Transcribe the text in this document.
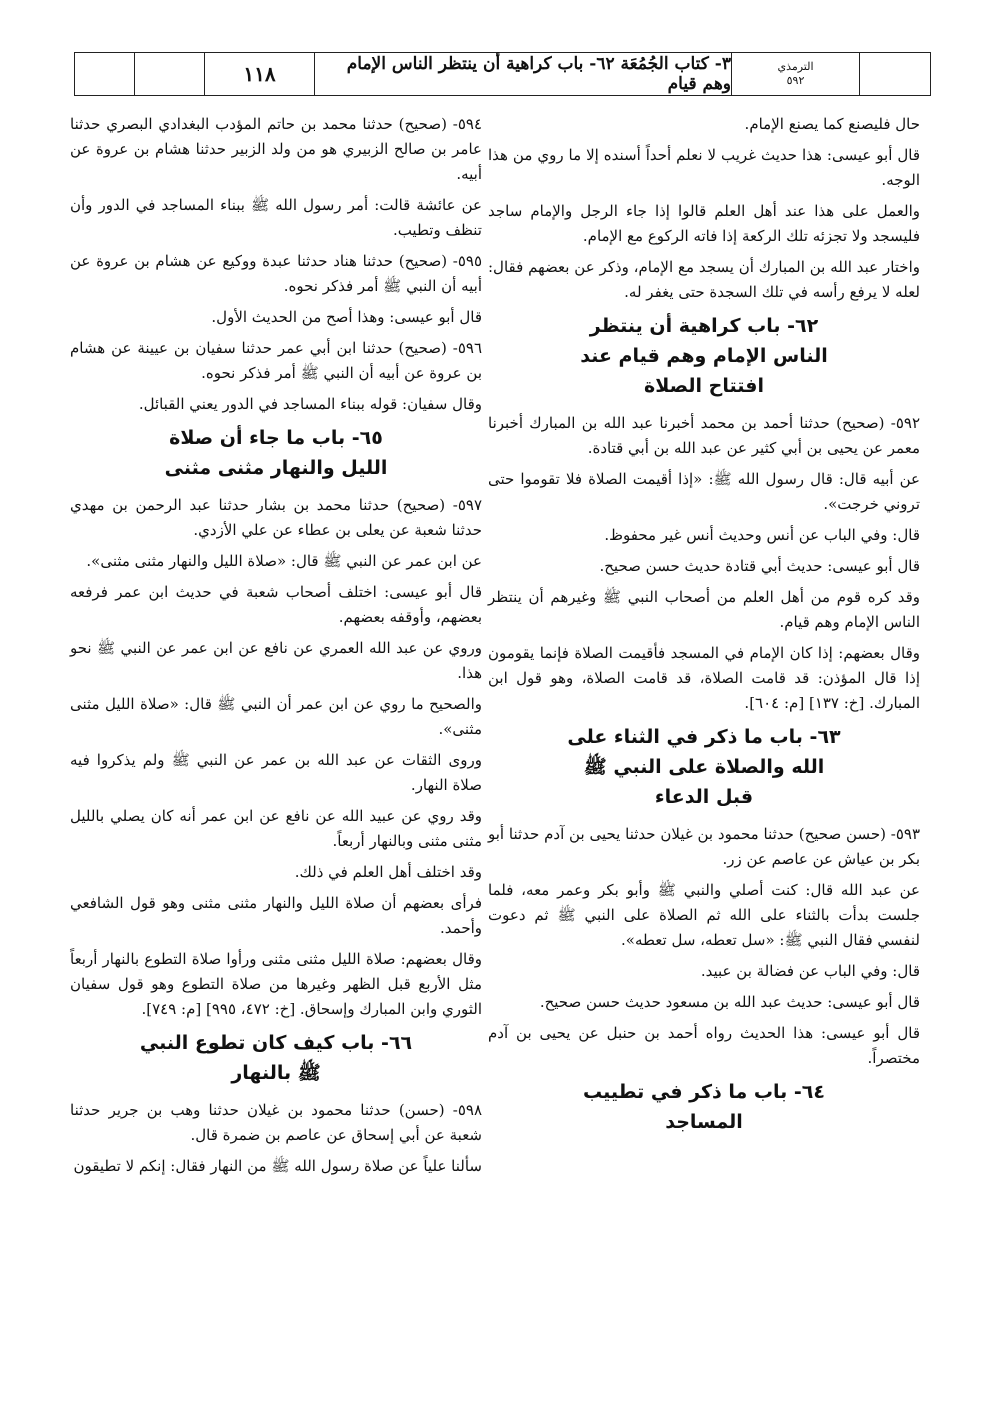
١١٨	٣- كتاب الجُمُعَة ٦٢- باب كراهية أن ينتظر الناس الإمام وهم قيام
الترمذي
٥٩٢

حال فليصنع كما يصنع الإمام.

قال أبو عيسى: هذا حديث غريب لا نعلم أحداً أسنده إلا ما روي من هذا الوجه.

والعمل على هذا عند أهل العلم قالوا إذا جاء الرجل والإمام ساجد فليسجد ولا تجزئه تلك الركعة إذا فاته الركوع مع الإمام.

واختار عبد الله بن المبارك أن يسجد مع الإمام، وذكر عن بعضهم فقال: لعله لا يرفع رأسه في تلك السجدة حتى يغفر له.

٦٢- باب كراهية أن ينتظر
الناس الإمام وهم قيام عند
افتتاح الصلاة

٥٩٢- (صحيح) حدثنا أحمد بن محمد أخبرنا عبد الله بن المبارك أخبرنا معمر عن يحيى بن أبي كثير عن عبد الله بن أبي قتادة.

عن أبيه قال: قال رسول الله ﷺ: «إذا أقيمت الصلاة فلا تقوموا حتى تروني خرجت».

قال: وفي الباب عن أنس وحديث أنس غير محفوظ.

قال أبو عيسى: حديث أبي قتادة حديث حسن صحيح.

وقد كره قوم من أهل العلم من أصحاب النبي ﷺ وغيرهم أن ينتظر الناس الإمام وهم قيام.

وقال بعضهم: إذا كان الإمام في المسجد فأقيمت الصلاة فإنما يقومون إذا قال المؤذن: قد قامت الصلاة، قد قامت الصلاة، وهو قول ابن المبارك. [خ: ١٣٧] [م: ٦٠٤].

٦٣- باب ما ذكر في الثناء على
الله والصلاة على النبي ﷺ
قبل الدعاء

٥٩٣- (حسن صحيح) حدثنا محمود بن غيلان حدثنا يحيى بن آدم حدثنا أبو بكر بن عياش عن عاصم عن زر.

عن عبد الله قال: كنت أصلي والنبي ﷺ وأبو بكر وعمر معه، فلما جلست بدأت بالثناء على الله ثم الصلاة على النبي ﷺ ثم دعوت لنفسي فقال النبي ﷺ: «سل تعطه، سل تعطه».

قال: وفي الباب عن فضالة بن عبيد.

قال أبو عيسى: حديث عبد الله بن مسعود حديث حسن صحيح.

قال أبو عيسى: هذا الحديث رواه أحمد بن حنبل عن يحيى بن آدم مختصراً.

٦٤- باب ما ذكر في تطييب
المساجد

٥٩٤- (صحيح) حدثنا محمد بن حاتم المؤدب البغدادي البصري حدثنا عامر بن صالح الزبيري هو من ولد الزبير حدثنا هشام بن عروة عن أبيه.

عن عائشة قالت: أمر رسول الله ﷺ ببناء المساجد في الدور وأن تنظف وتطيب.

٥٩٥- (صحيح) حدثنا هناد حدثنا عبدة ووكيع عن هشام بن عروة عن أبيه أن النبي ﷺ أمر فذكر نحوه.

قال أبو عيسى: وهذا أصح من الحديث الأول.

٥٩٦- (صحيح) حدثنا ابن أبي عمر حدثنا سفيان بن عيينة عن هشام بن عروة عن أبيه أن النبي ﷺ أمر فذكر نحوه.

وقال سفيان: قوله ببناء المساجد في الدور يعني القبائل.

٦٥- باب ما جاء أن صلاة
الليل والنهار مثنى مثنى

٥٩٧- (صحيح) حدثنا محمد بن بشار حدثنا عبد الرحمن بن مهدي حدثنا شعبة عن يعلى بن عطاء عن علي الأزدي.

عن ابن عمر عن النبي ﷺ قال: «صلاة الليل والنهار مثنى مثنى».

قال أبو عيسى: اختلف أصحاب شعبة في حديث ابن عمر فرفعه بعضهم، وأوقفه بعضهم.

وروي عن عبد الله العمري عن نافع عن ابن عمر عن النبي ﷺ نحو هذا.

والصحيح ما روي عن ابن عمر أن النبي ﷺ قال: «صلاة الليل مثنى مثنى».

وروى الثقات عن عبد الله بن عمر عن النبي ﷺ ولم يذكروا فيه صلاة النهار.

وقد روي عن عبيد الله عن نافع عن ابن عمر أنه كان يصلي بالليل مثنى مثنى وبالنهار أربعاً.

وقد اختلف أهل العلم في ذلك.

فرأى بعضهم أن صلاة الليل والنهار مثنى مثنى وهو قول الشافعي وأحمد.

وقال بعضهم: صلاة الليل مثنى مثنى ورأوا صلاة التطوع بالنهار أربعاً مثل الأربع قبل الظهر وغيرها من صلاة التطوع وهو قول سفيان الثوري وابن المبارك وإسحاق. [خ: ٤٧٢، ٩٩٥] [م: ٧٤٩].

٦٦- باب كيف كان تطوع النبي
ﷺ بالنهار

٥٩٨- (حسن) حدثنا محمود بن غيلان حدثنا وهب بن جرير حدثنا شعبة عن أبي إسحاق عن عاصم بن ضمرة قال.

سألنا علياً عن صلاة رسول الله ﷺ من النهار فقال: إنكم لا تطيقون
